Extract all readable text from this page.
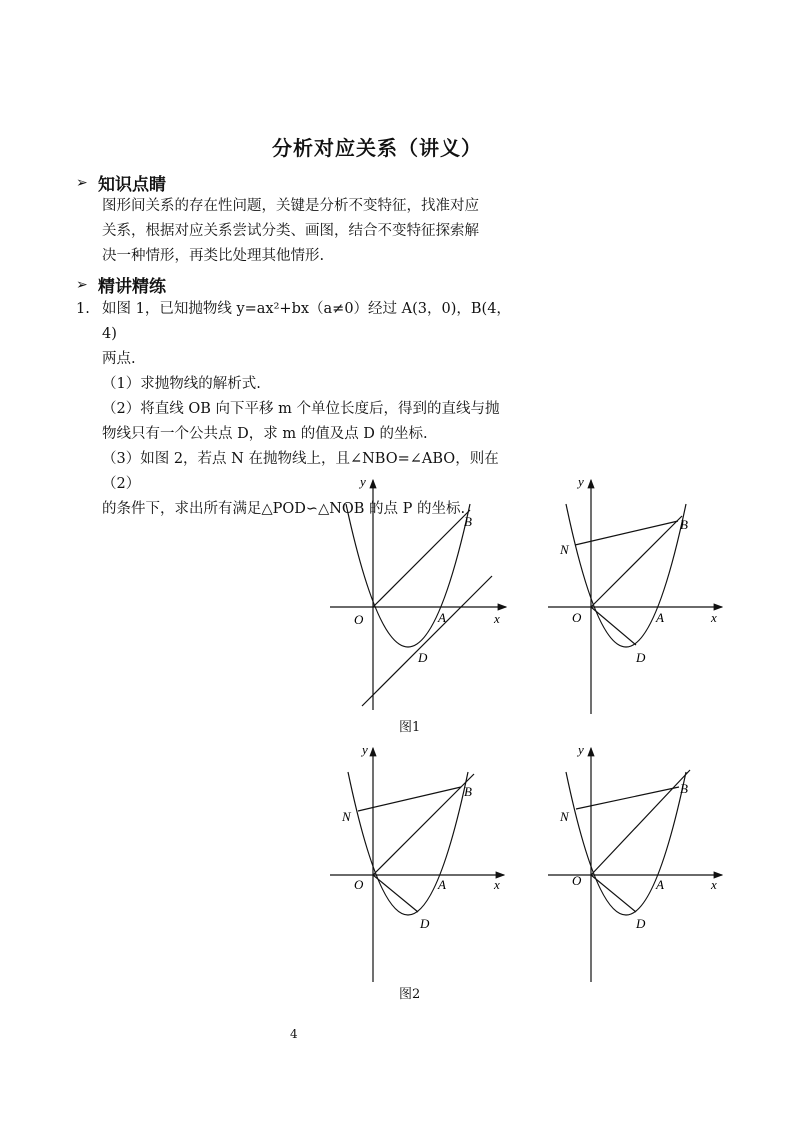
分析对应关系（讲义）
➢ 知识点睛
图形间关系的存在性问题，关键是分析不变特征，找准对应
关系，根据对应关系尝试分类、画图，结合不变特征探索解
决一种情形，再类比处理其他情形.
➢ 精讲精练
1. 如图 1，已知抛物线 y=ax²+bx（a≠0）经过 A(3，0)，B(4，4)
两点.
（1）求抛物线的解析式.
（2）将直线 OB 向下平移 m 个单位长度后，得到的直线与抛
物线只有一个公共点 D，求 m 的值及点 D 的坐标.
（3）如图 2，若点 N 在抛物线上，且∠NBO=∠ABO，则在（2）
的条件下，求出所有满足△POD∽△NOB 的点 P 的坐标.
y
x
O	A
B
D
y
x
O	A
B
N
D
图1
y
x
O	A
B
N
D
y
x
O	A
B
N
D
图2
4
